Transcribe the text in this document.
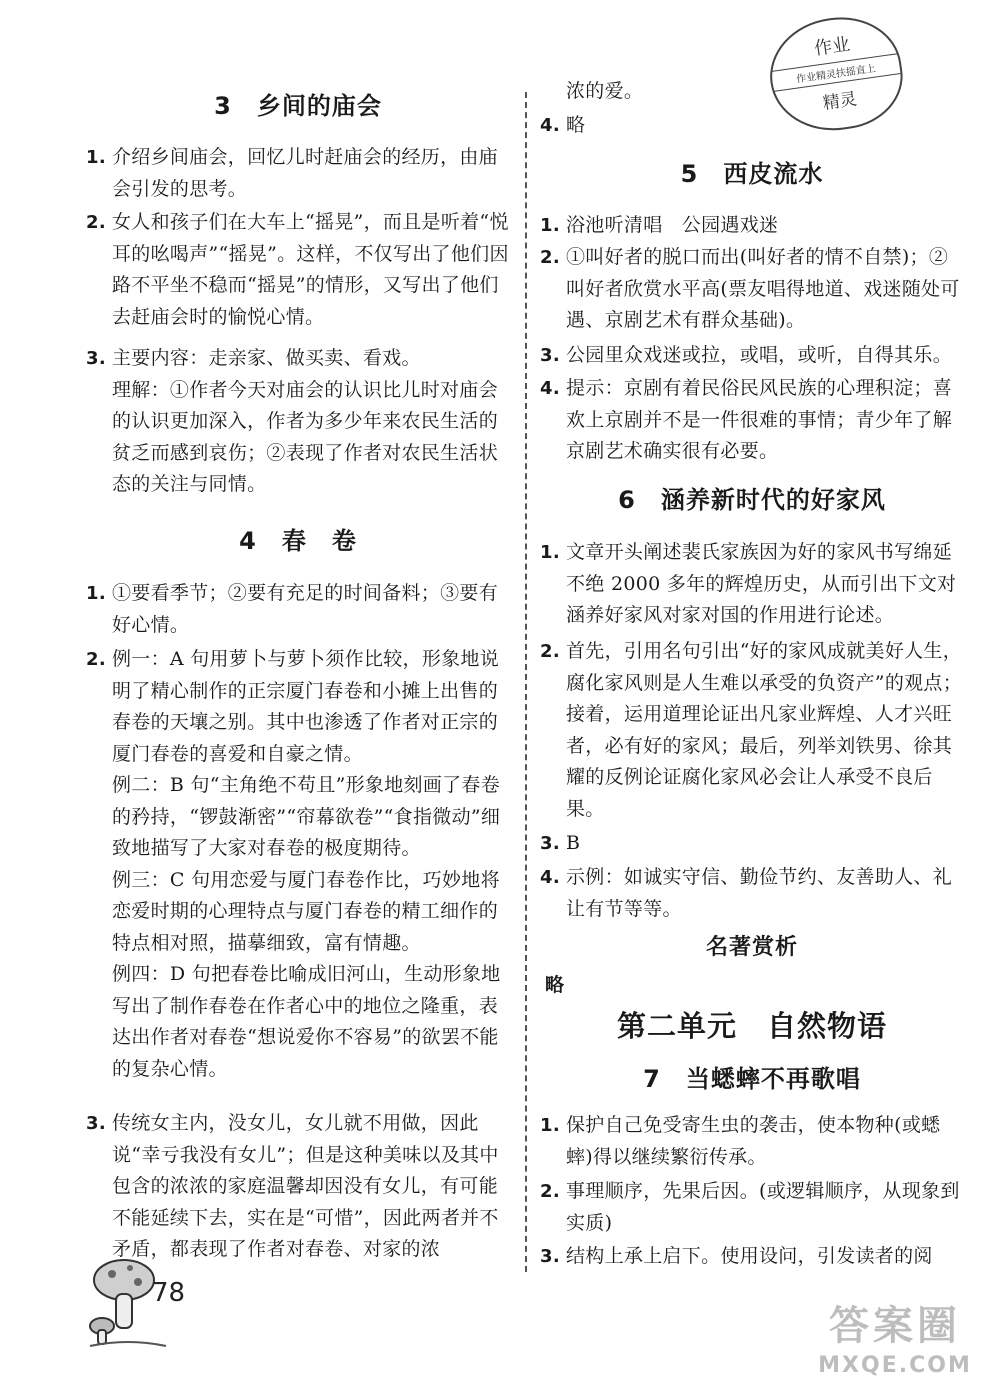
作业
作业精灵扶摇直上
精灵
3　乡间的庙会
1. 介绍乡间庙会，回忆儿时赶庙会的经历，由庙会引发的思考。
2. 女人和孩子们在大车上“摇晃”，而且是听着“悦耳的吆喝声”“摇晃”。这样，不仅写出了他们因路不平坐不稳而“摇晃”的情形，又写出了他们去赶庙会时的愉悦心情。
3. 主要内容：走亲家、做买卖、看戏。
理解：①作者今天对庙会的认识比儿时对庙会的认识更加深入，作者为多少年来农民生活的贫乏而感到哀伤；②表现了作者对农民生活状态的关注与同情。
4　春　卷
1. ①要看季节；②要有充足的时间备料；③要有好心情。
2. 例一：A 句用萝卜与萝卜须作比较，形象地说明了精心制作的正宗厦门春卷和小摊上出售的春卷的天壤之别。其中也渗透了作者对正宗的厦门春卷的喜爱和自豪之情。
例二：B 句“主角绝不苟且”形象地刻画了春卷的矜持，“锣鼓渐密”“帘幕欲卷”“食指微动”细致地描写了大家对春卷的极度期待。
例三：C 句用恋爱与厦门春卷作比，巧妙地将恋爱时期的心理特点与厦门春卷的精工细作的特点相对照，描摹细致，富有情趣。
例四：D 句把春卷比喻成旧河山，生动形象地写出了制作春卷在作者心中的地位之隆重，表达出作者对春卷“想说爱你不容易”的欲罢不能的复杂心情。
3. 传统女主内，没女儿，女儿就不用做，因此说“幸亏我没有女儿”；但是这种美味以及其中包含的浓浓的家庭温馨却因没有女儿，有可能不能延续下去，实在是“可惜”，因此两者并不矛盾，都表现了作者对春卷、对家的浓
浓的爱。
4. 略
5　西皮流水
1. 浴池听清唱　公园遇戏迷
2. ①叫好者的脱口而出(叫好者的情不自禁)；②叫好者欣赏水平高(票友唱得地道、戏迷随处可遇、京剧艺术有群众基础)。
3. 公园里众戏迷或拉，或唱，或听，自得其乐。
4. 提示：京剧有着民俗民风民族的心理积淀；喜欢上京剧并不是一件很难的事情；青少年了解京剧艺术确实很有必要。
6　涵养新时代的好家风
1. 文章开头阐述裴氏家族因为好的家风书写绵延不绝 2000 多年的辉煌历史，从而引出下文对涵养好家风对家对国的作用进行论述。
2. 首先，引用名句引出“好的家风成就美好人生，腐化家风则是人生难以承受的负资产”的观点；接着，运用道理论证出凡家业辉煌、人才兴旺者，必有好的家风；最后，列举刘铁男、徐其耀的反例论证腐化家风必会让人承受不良后果。
3. B
4. 示例：如诚实守信、勤俭节约、友善助人、礼让有节等等。
名著赏析
略
第二单元　自然物语
7　当蟋蟀不再歌唱
1. 保护自己免受寄生虫的袭击，使本物种(或蟋蟀)得以继续繁衍传承。
2. 事理顺序，先果后因。(或逻辑顺序，从现象到实质)
3. 结构上承上启下。使用设问，引发读者的阅
78
答案圈
MXQE.COM
